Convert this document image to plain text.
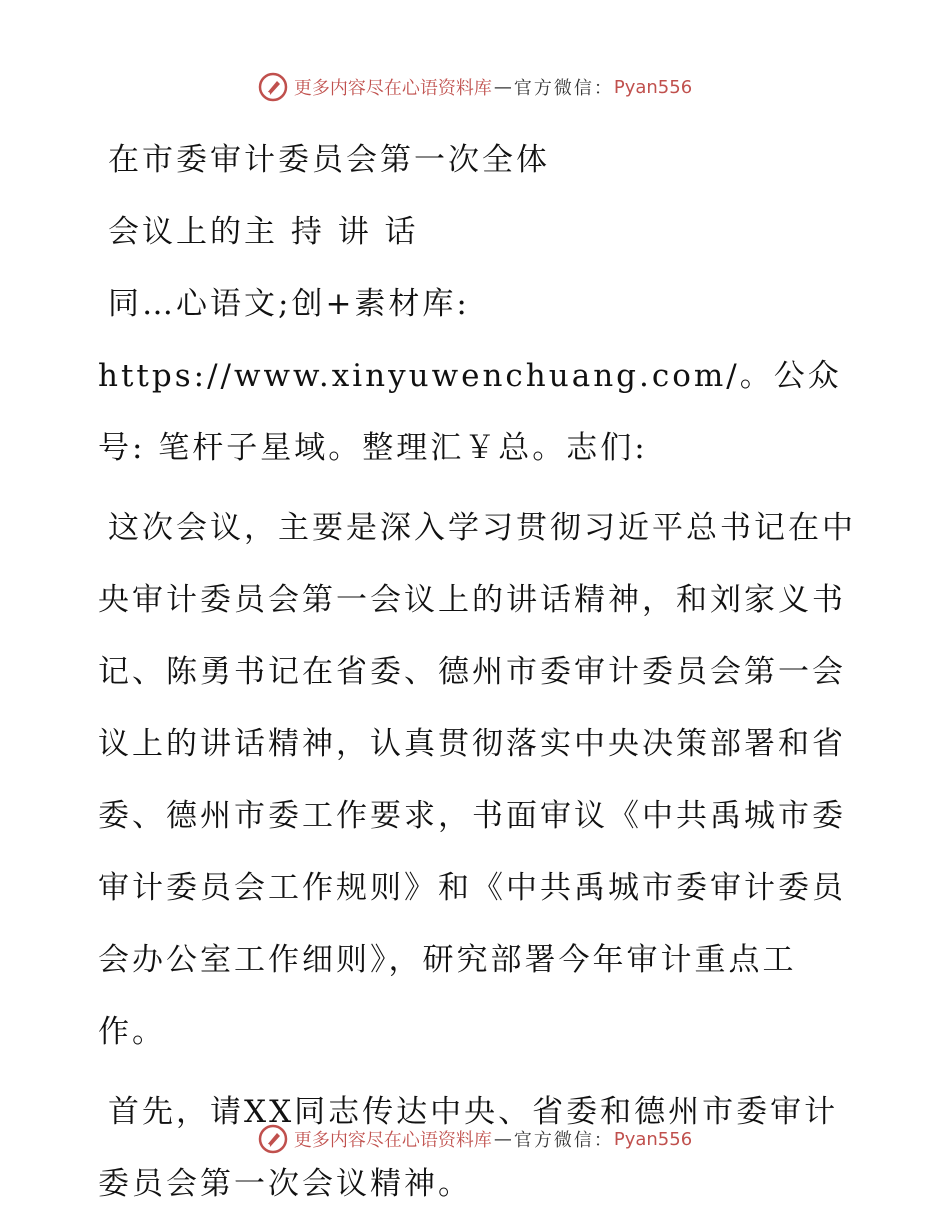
更多内容尽在心语资料库 — 官方微信： Pyan556

在市委审计委员会第一次全体

会议上的主 持 讲 话

同…心语文;创+素材库: https://www.xinyuwenchuang.com/。公众号: 笔杆子星域。整理汇￥总。志们:

这次会议，主要是深入学习贯彻习近平总书记在中央审计委员会第一会议上的讲话精神，和刘家义书记、陈勇书记在省委、德州市委审计委员会第一会议上的讲话精神，认真贯彻落实中央决策部署和省委、德州市委工作要求，书面审议《中共禹城市委审计委员会工作规则》和《中共禹城市委审计委员会办公室工作细则》，研究部署今年审计重点工作。

首先，请XX同志传达中央、省委和德州市委审计委员会第一次会议精神。

更多内容尽在心语资料库 — 官方微信： Pyan556
